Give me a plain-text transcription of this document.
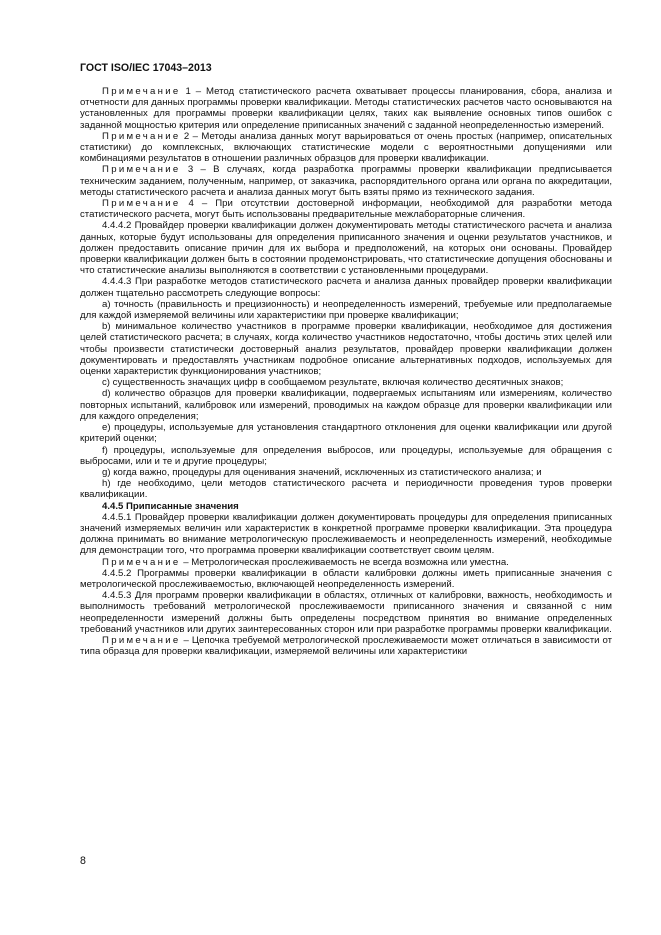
ГОСТ ISO/IEC 17043–2013

Примечание 1 – Метод статистического расчета охватывает процессы планирования, сбора, анализа и отчетности для данных программы проверки квалификации. Методы статистических расчетов часто основываются на установленных для программы проверки квалификации целях, таких как выявление основных типов ошибок с заданной мощностью критерия или определение приписанных значений с заданной неопределенностью измерений.

Примечание 2 – Методы анализа данных могут варьироваться от очень простых (например, описательных статистики) до комплексных, включающих статистические модели с вероятностными допущениями или комбинациями результатов в отношении различных образцов для проверки квалификации.

Примечание 3 – В случаях, когда разработка программы проверки квалификации предписывается техническим заданием, полученным, например, от заказчика, распорядительного органа или органа по аккредитации, методы статистического расчета и анализа данных могут быть взяты прямо из технического задания.

Примечание 4 – При отсутствии достоверной информации, необходимой для разработки метода статистического расчета, могут быть использованы предварительные межлабораторные сличения.

4.4.4.2 Провайдер проверки квалификации должен документировать методы статистического расчета и анализа данных, которые будут использованы для определения приписанного значения и оценки результатов участников, и должен предоставить описание причин для их выбора и предположений, на которых они основаны. Провайдер проверки квалификации должен быть в состоянии продемонстрировать, что статистические допущения обоснованы и что статистические анализы выполняются в соответствии с установленными процедурами.

4.4.4.3 При разработке методов статистического расчета и анализа данных провайдер проверки квалификации должен тщательно рассмотреть следующие вопросы:

a) точность (правильность и прецизионность) и неопределенность измерений, требуемые или предполагаемые для каждой измеряемой величины или характеристики при проверке квалификации;

b) минимальное количество участников в программе проверки квалификации, необходимое для достижения целей статистического расчета; в случаях, когда количество участников недостаточно, чтобы достичь этих целей или чтобы произвести статистически достоверный анализ результатов, провайдер проверки квалификации должен документировать и предоставлять участникам подробное описание альтернативных подходов, используемых для оценки характеристик функционирования участников;

c) существенность значащих цифр в сообщаемом результате, включая количество десятичных знаков;

d) количество образцов для проверки квалификации, подвергаемых испытаниям или измерениям, количество повторных испытаний, калибровок или измерений, проводимых на каждом образце для проверки квалификации или для каждого определения;

e) процедуры, используемые для установления стандартного отклонения для оценки квалификации или другой критерий оценки;

f) процедуры, используемые для определения выбросов, или процедуры, используемые для обращения с выбросами, или и те и другие процедуры;

g) когда важно, процедуры для оценивания значений, исключенных из статистического анализа; и

h) где необходимо, цели методов статистического расчета и периодичности проведения туров проверки квалификации.

4.4.5 Приписанные значения

4.4.5.1 Провайдер проверки квалификации должен документировать процедуры для определения приписанных значений измеряемых величин или характеристик в конкретной программе проверки квалификации. Эта процедура должна принимать во внимание метрологическую прослеживаемость и неопределенность измерений, необходимые для демонстрации того, что программа проверки квалификации соответствует своим целям.

Примечание – Метрологическая прослеживаемость не всегда возможна или уместна.

4.4.5.2 Программы проверки квалификации в области калибровки должны иметь приписанные значения с метрологической прослеживаемостью, включающей неопределенность измерений.

4.4.5.3 Для программ проверки квалификации в областях, отличных от калибровки, важность, необходимость и выполнимость требований метрологической прослеживаемости приписанного значения и связанной с ним неопределенности измерений должны быть определены посредством принятия во внимание определенных требований участников или других заинтересованных сторон или при разработке программы проверки квалификации.

Примечание – Цепочка требуемой метрологической прослеживаемости может отличаться в зависимости от типа образца для проверки квалификации, измеряемой величины или характеристики

8
